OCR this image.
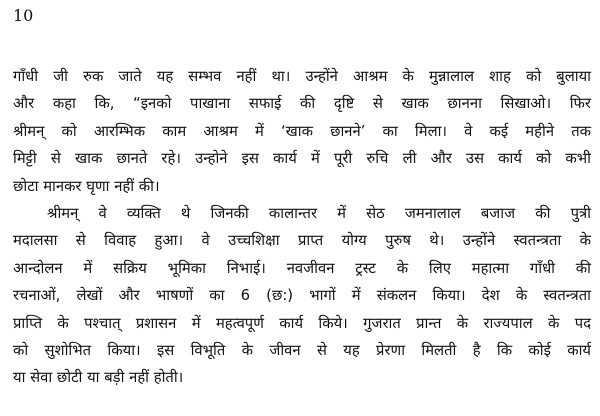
10
गाँधी जी रुक जाते यह सम्भव नहीं था। उन्होंने आश्रम के मुन्नालाल शाह को बुलाया
और कहा कि, “इनको पाखाना सफाई की दृष्टि से खाक छानना सिखाओ। फिर
श्रीमन् को आरम्भिक काम आश्रम में ‘खाक छानने’ का मिला। वे कई महीने तक
मिट्टी से खाक छानते रहे। उन्होने इस कार्य में पूरी रुचि ली और उस कार्य को कभी
छोटा मानकर घृणा नहीं की।
श्रीमन् वे व्यक्ति थे जिनकी कालान्तर में सेठ जमनालाल बजाज की पुत्री
मदालसा से विवाह हुआ। वे उच्चशिक्षा प्राप्त योग्य पुरुष थे। उन्होंने स्वतन्त्रता के
आन्दोलन में सक्रिय भूमिका निभाई। नवजीवन ट्रस्ट के लिए महात्मा गाँधी की
रचनाओं, लेखों और भाषणों का 6 (छ:) भागों में संकलन किया। देश के स्वतन्त्रता
प्राप्ति के पश्चात् प्रशासन में महत्वपूर्ण कार्य किये। गुजरात प्रान्त के राज्यपाल के पद
को सुशोभित किया। इस विभूति के जीवन से यह प्रेरणा मिलती है कि कोई कार्य
या सेवा छोटी या बड़ी नहीं होती।
